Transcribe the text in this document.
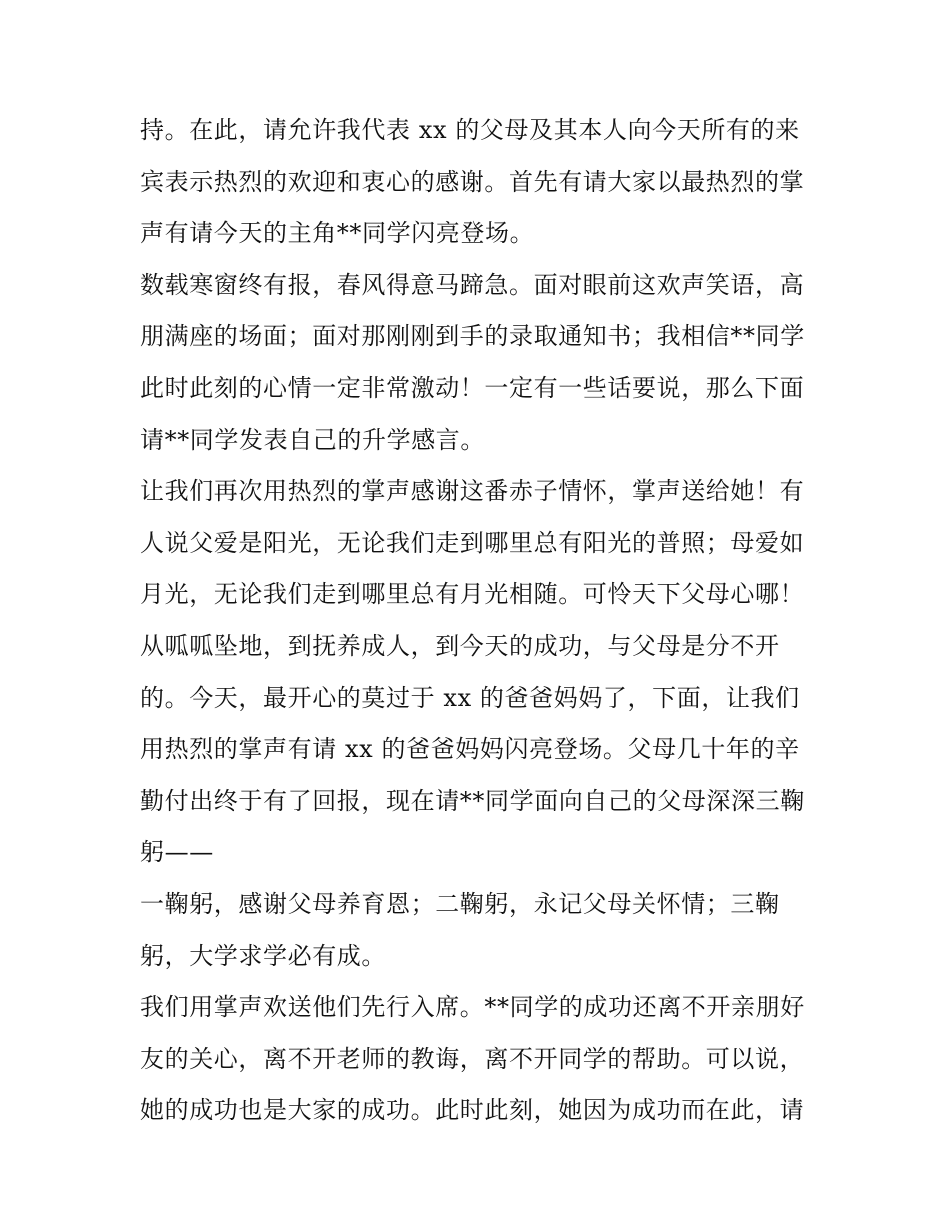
持。在此，请允许我代表 xx 的父母及其本人向今天所有的来
宾表示热烈的欢迎和衷心的感谢。首先有请大家以最热烈的掌
声有请今天的主角**同学闪亮登场。
数载寒窗终有报，春风得意马蹄急。面对眼前这欢声笑语，高
朋满座的场面；面对那刚刚到手的录取通知书；我相信**同学
此时此刻的心情一定非常激动！一定有一些话要说，那么下面
请**同学发表自己的升学感言。
让我们再次用热烈的掌声感谢这番赤子情怀，掌声送给她！有
人说父爱是阳光，无论我们走到哪里总有阳光的普照；母爱如
月光，无论我们走到哪里总有月光相随。可怜天下父母心哪！
从呱呱坠地，到抚养成人，到今天的成功，与父母是分不开
的。今天，最开心的莫过于 xx 的爸爸妈妈了，下面，让我们
用热烈的掌声有请 xx 的爸爸妈妈闪亮登场。父母几十年的辛
勤付出终于有了回报，现在请**同学面向自己的父母深深三鞠
躬——
一鞠躬，感谢父母养育恩；二鞠躬，永记父母关怀情；三鞠
躬，大学求学必有成。
我们用掌声欢送他们先行入席。**同学的成功还离不开亲朋好
友的关心，离不开老师的教诲，离不开同学的帮助。可以说，
她的成功也是大家的成功。此时此刻，她因为成功而在此，请
